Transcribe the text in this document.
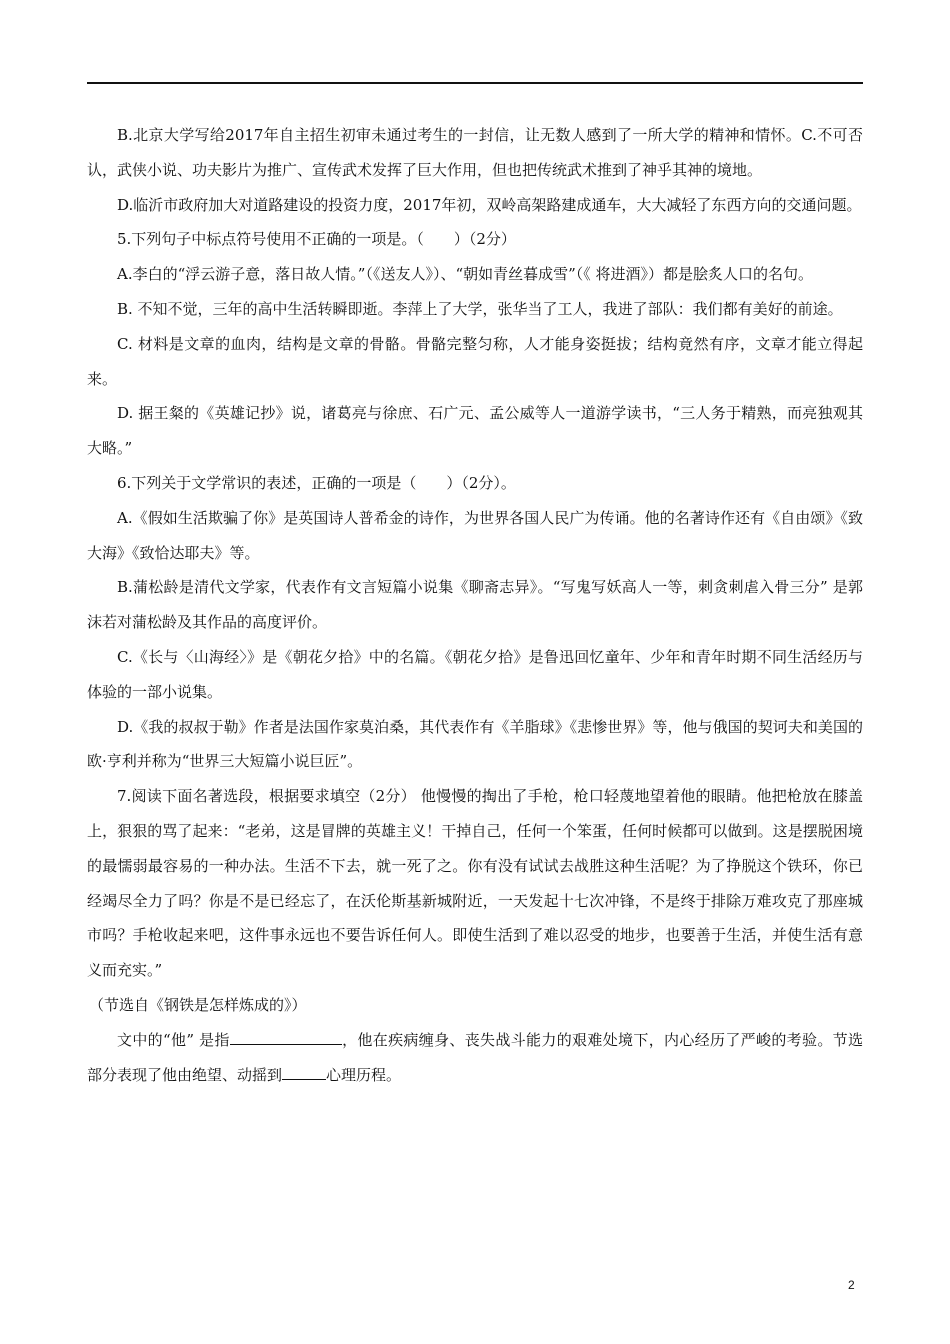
B.北京大学写给2017年自主招生初审未通过考生的一封信，让无数人感到了一所大学的精神和情怀。C.不可否认，武侠小说、功夫影片为推广、宣传武术发挥了巨大作用，但也把传统武术推到了神乎其神的境地。

D.临沂市政府加大对道路建设的投资力度，2017年初，双岭高架路建成通车，大大减轻了东西方向的交通问题。

5.下列句子中标点符号使用不正确的一项是。（　　）（2分）

A.李白的“浮云游子意，落日故人情。”（《送友人》）、“朝如青丝暮成雪”（《 将进酒》）都是脍炙人口的名句。

B. 不知不觉，三年的高中生活转瞬即逝。李萍上了大学，张华当了工人，我进了部队：我们都有美好的前途。

C. 材料是文章的血肉，结构是文章的骨骼。骨骼完整匀称，人才能身姿挺拔；结构竟然有序，文章才能立得起来。

D. 据王粲的《英雄记抄》说，诸葛亮与徐庶、石广元、孟公威等人一道游学读书，“三人务于精熟，而亮独观其大略。”

6.下列关于文学常识的表述，正确的一项是（　　）（2分）。

A.《假如生活欺骗了你》是英国诗人普希金的诗作，为世界各国人民广为传诵。他的名著诗作还有《自由颂》《致大海》《致恰达耶夫》等。

B.蒲松龄是清代文学家，代表作有文言短篇小说集《聊斋志异》。“写鬼写妖高人一等，刺贪刺虐入骨三分” 是郭沫若对蒲松龄及其作品的高度评价。

C.《长与〈山海经〉》是《朝花夕拾》中的名篇。《朝花夕拾》是鲁迅回忆童年、少年和青年时期不同生活经历与体验的一部小说集。

D.《我的叔叔于勒》作者是法国作家莫泊桑，其代表作有《羊脂球》《悲惨世界》等，他与俄国的契诃夫和美国的欧·亨利并称为“世界三大短篇小说巨匠”。

7.阅读下面名著选段，根据要求填空（2分） 他慢慢的掏出了手枪，枪口轻蔑地望着他的眼睛。他把枪放在膝盖上，狠狠的骂了起来：“老弟，这是冒牌的英雄主义！干掉自己，任何一个笨蛋，任何时候都可以做到。这是摆脱困境的最懦弱最容易的一种办法。生活不下去，就一死了之。你有没有试试去战胜这种生活呢？为了挣脱这个铁环，你已经竭尽全力了吗？你是不是已经忘了，在沃伦斯基新城附近，一天发起十七次冲锋，不是终于排除万难攻克了那座城市吗？手枪收起来吧，这件事永远也不要告诉任何人。即使生活到了难以忍受的地步，也要善于生活，并使生活有意义而充实。”

（节选自《钢铁是怎样炼成的》）

文中的“他” 是指	，他在疾病缠身、丧失战斗能力的艰难处境下，内心经历了严峻的考验。节选部分表现了他由绝望、动摇到	心理历程。

2
